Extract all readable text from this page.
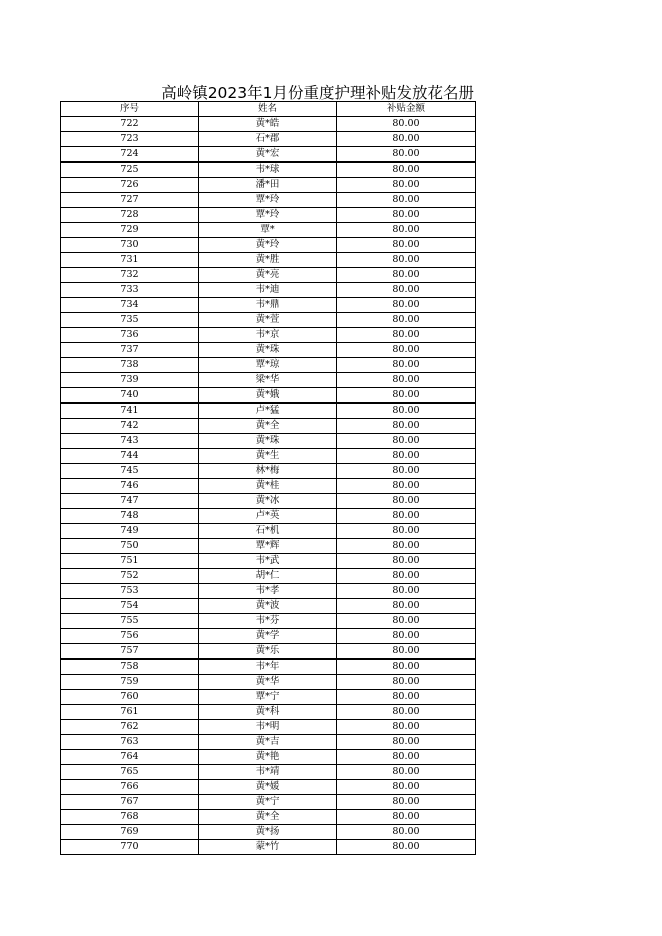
高岭镇2023年1月份重度护理补贴发放花名册
序号	姓名	补贴金额
722	黄*皓	80.00
723	石*郡	80.00
724	黄*宏	80.00
725	韦*球	80.00
726	潘*田	80.00
727	覃*玲	80.00
728	覃*玲	80.00
729	覃*	80.00
730	黄*玲	80.00
731	黄*胜	80.00
732	黄*亮	80.00
733	韦*迪	80.00
734	韦*鼎	80.00
735	黄*萱	80.00
736	韦*京	80.00
737	黄*珠	80.00
738	覃*琼	80.00
739	梁*华	80.00
740	黄*娥	80.00
741	卢*猛	80.00
742	黄*全	80.00
743	黄*珠	80.00
744	黄*生	80.00
745	林*梅	80.00
746	黄*桂	80.00
747	黄*冰	80.00
748	卢*英	80.00
749	石*机	80.00
750	覃*辉	80.00
751	韦*武	80.00
752	胡*仁	80.00
753	韦*孝	80.00
754	黄*波	80.00
755	韦*芬	80.00
756	黄*学	80.00
757	黄*乐	80.00
758	韦*年	80.00
759	黄*华	80.00
760	覃*宁	80.00
761	黄*科	80.00
762	韦*明	80.00
763	黄*吉	80.00
764	黄*艳	80.00
765	韦*靖	80.00
766	黄*媛	80.00
767	黄*宁	80.00
768	黄*全	80.00
769	黄*扬	80.00
770	蒙*竹	80.00
